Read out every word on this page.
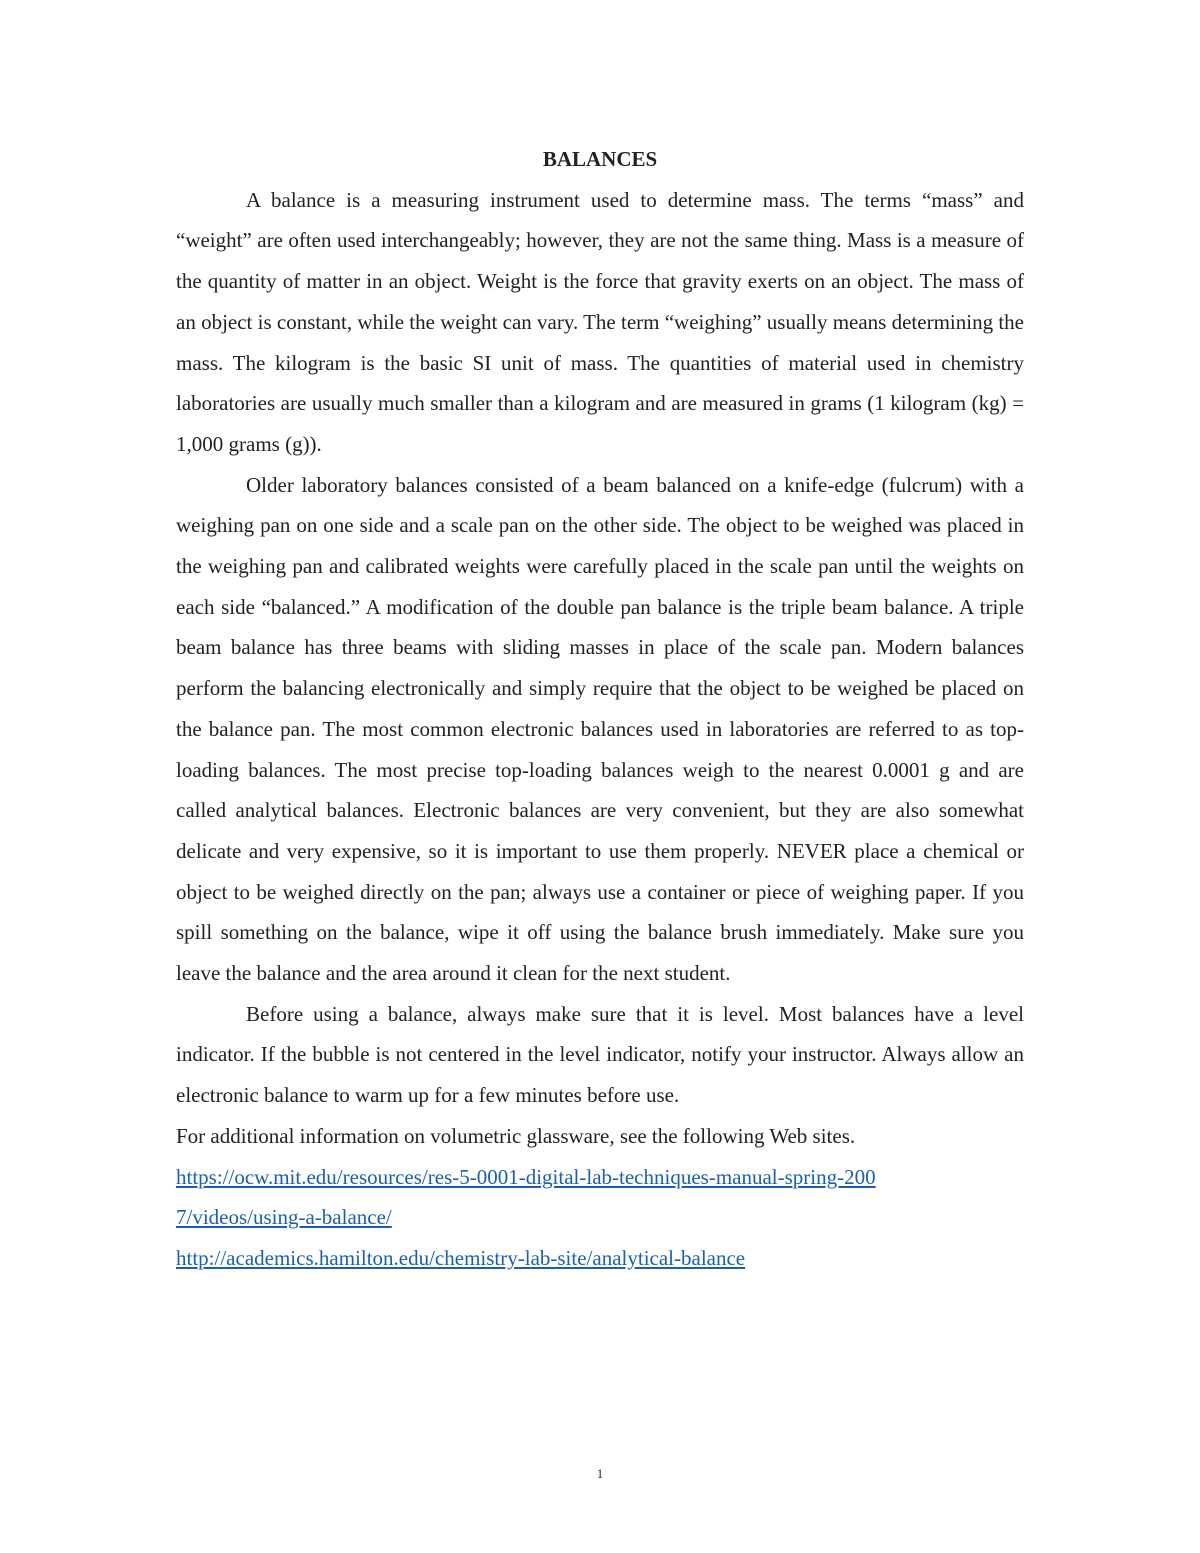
BALANCES

A balance is a measuring instrument used to determine mass. The terms “mass” and “weight” are often used interchangeably; however, they are not the same thing. Mass is a measure of the quantity of matter in an object. Weight is the force that gravity exerts on an object. The mass of an object is constant, while the weight can vary. The term “weighing” usually means determining the mass. The kilogram is the basic SI unit of mass. The quantities of material used in chemistry laboratories are usually much smaller than a kilogram and are measured in grams (1 kilogram (kg) = 1,000 grams (g)).

Older laboratory balances consisted of a beam balanced on a knife-edge (fulcrum) with a weighing pan on one side and a scale pan on the other side. The object to be weighed was placed in the weighing pan and calibrated weights were carefully placed in the scale pan until the weights on each side “balanced.” A modification of the double pan balance is the triple beam balance. A triple beam balance has three beams with sliding masses in place of the scale pan. Modern balances perform the balancing electronically and simply require that the object to be weighed be placed on the balance pan. The most common electronic balances used in laboratories are referred to as top-loading balances. The most precise top-loading balances weigh to the nearest 0.0001 g and are called analytical balances. Electronic balances are very convenient, but they are also somewhat delicate and very expensive, so it is important to use them properly. NEVER place a chemical or object to be weighed directly on the pan; always use a container or piece of weighing paper. If you spill something on the balance, wipe it off using the balance brush immediately. Make sure you leave the balance and the area around it clean for the next student.

Before using a balance, always make sure that it is level. Most balances have a level indicator. If the bubble is not centered in the level indicator, notify your instructor. Always allow an electronic balance to warm up for a few minutes before use.

For additional information on volumetric glassware, see the following Web sites.

https://ocw.mit.edu/resources/res-5-0001-digital-lab-techniques-manual-spring-2007/videos/using-a-balance/
http://academics.hamilton.edu/chemistry-lab-site/analytical-balance
1
